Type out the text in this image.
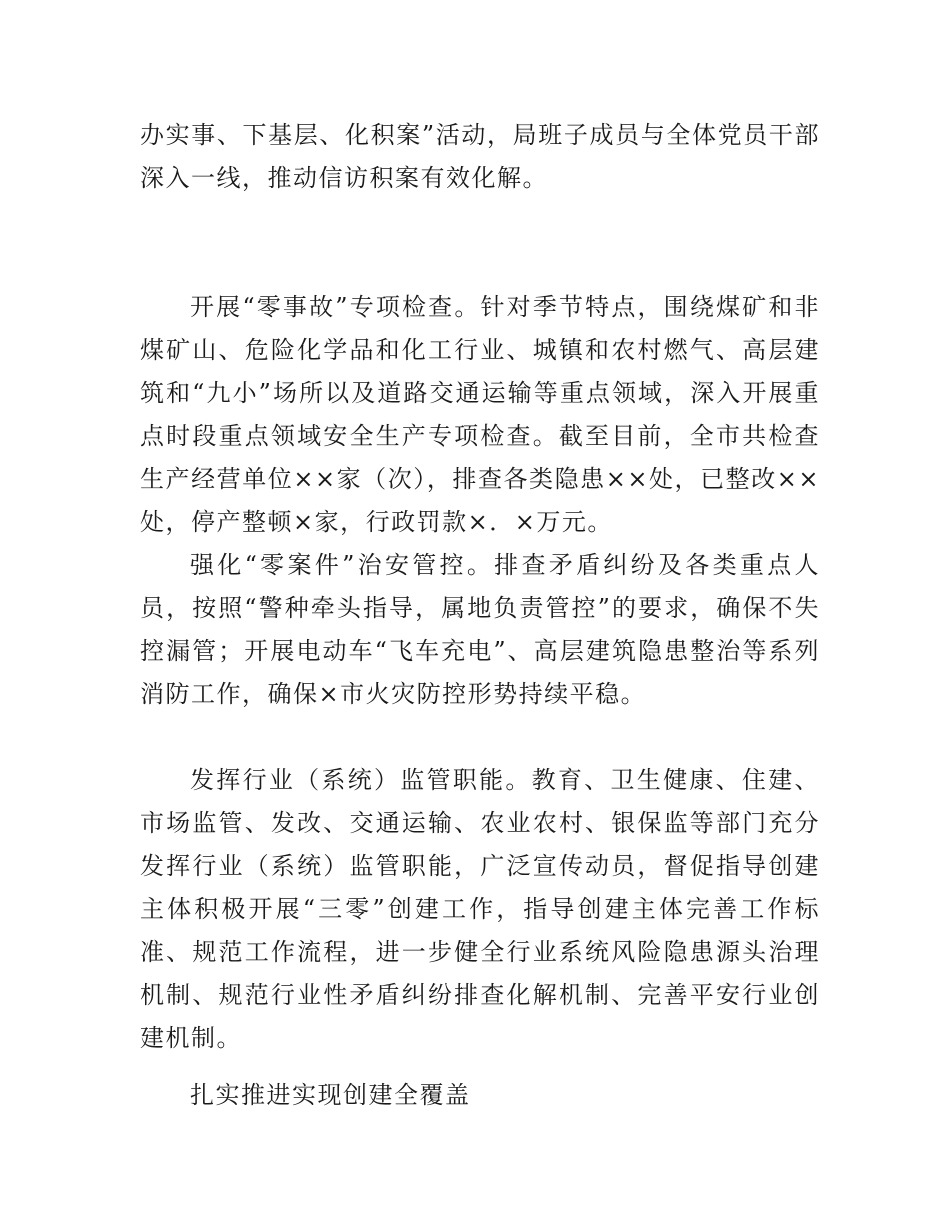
办实事、下基层、化积案”活动，局班子成员与全体党员干部深入一线，推动信访积案有效化解。

开展“零事故”专项检查。针对季节特点，围绕煤矿和非煤矿山、危险化学品和化工行业、城镇和农村燃气、高层建筑和“九小”场所以及道路交通运输等重点领域，深入开展重点时段重点领域安全生产专项检查。截至目前，全市共检查生产经营单位××家（次），排查各类隐患××处，已整改××处，停产整顿×家，行政罚款×．×万元。

强化“零案件”治安管控。排查矛盾纠纷及各类重点人员，按照“警种牵头指导，属地负责管控”的要求，确保不失控漏管；开展电动车“飞车充电”、高层建筑隐患整治等系列消防工作，确保×市火灾防控形势持续平稳。

发挥行业（系统）监管职能。教育、卫生健康、住建、市场监管、发改、交通运输、农业农村、银保监等部门充分发挥行业（系统）监管职能，广泛宣传动员，督促指导创建主体积极开展“三零”创建工作，指导创建主体完善工作标准、规范工作流程，进一步健全行业系统风险隐患源头治理机制、规范行业性矛盾纠纷排查化解机制、完善平安行业创建机制。

扎实推进实现创建全覆盖
